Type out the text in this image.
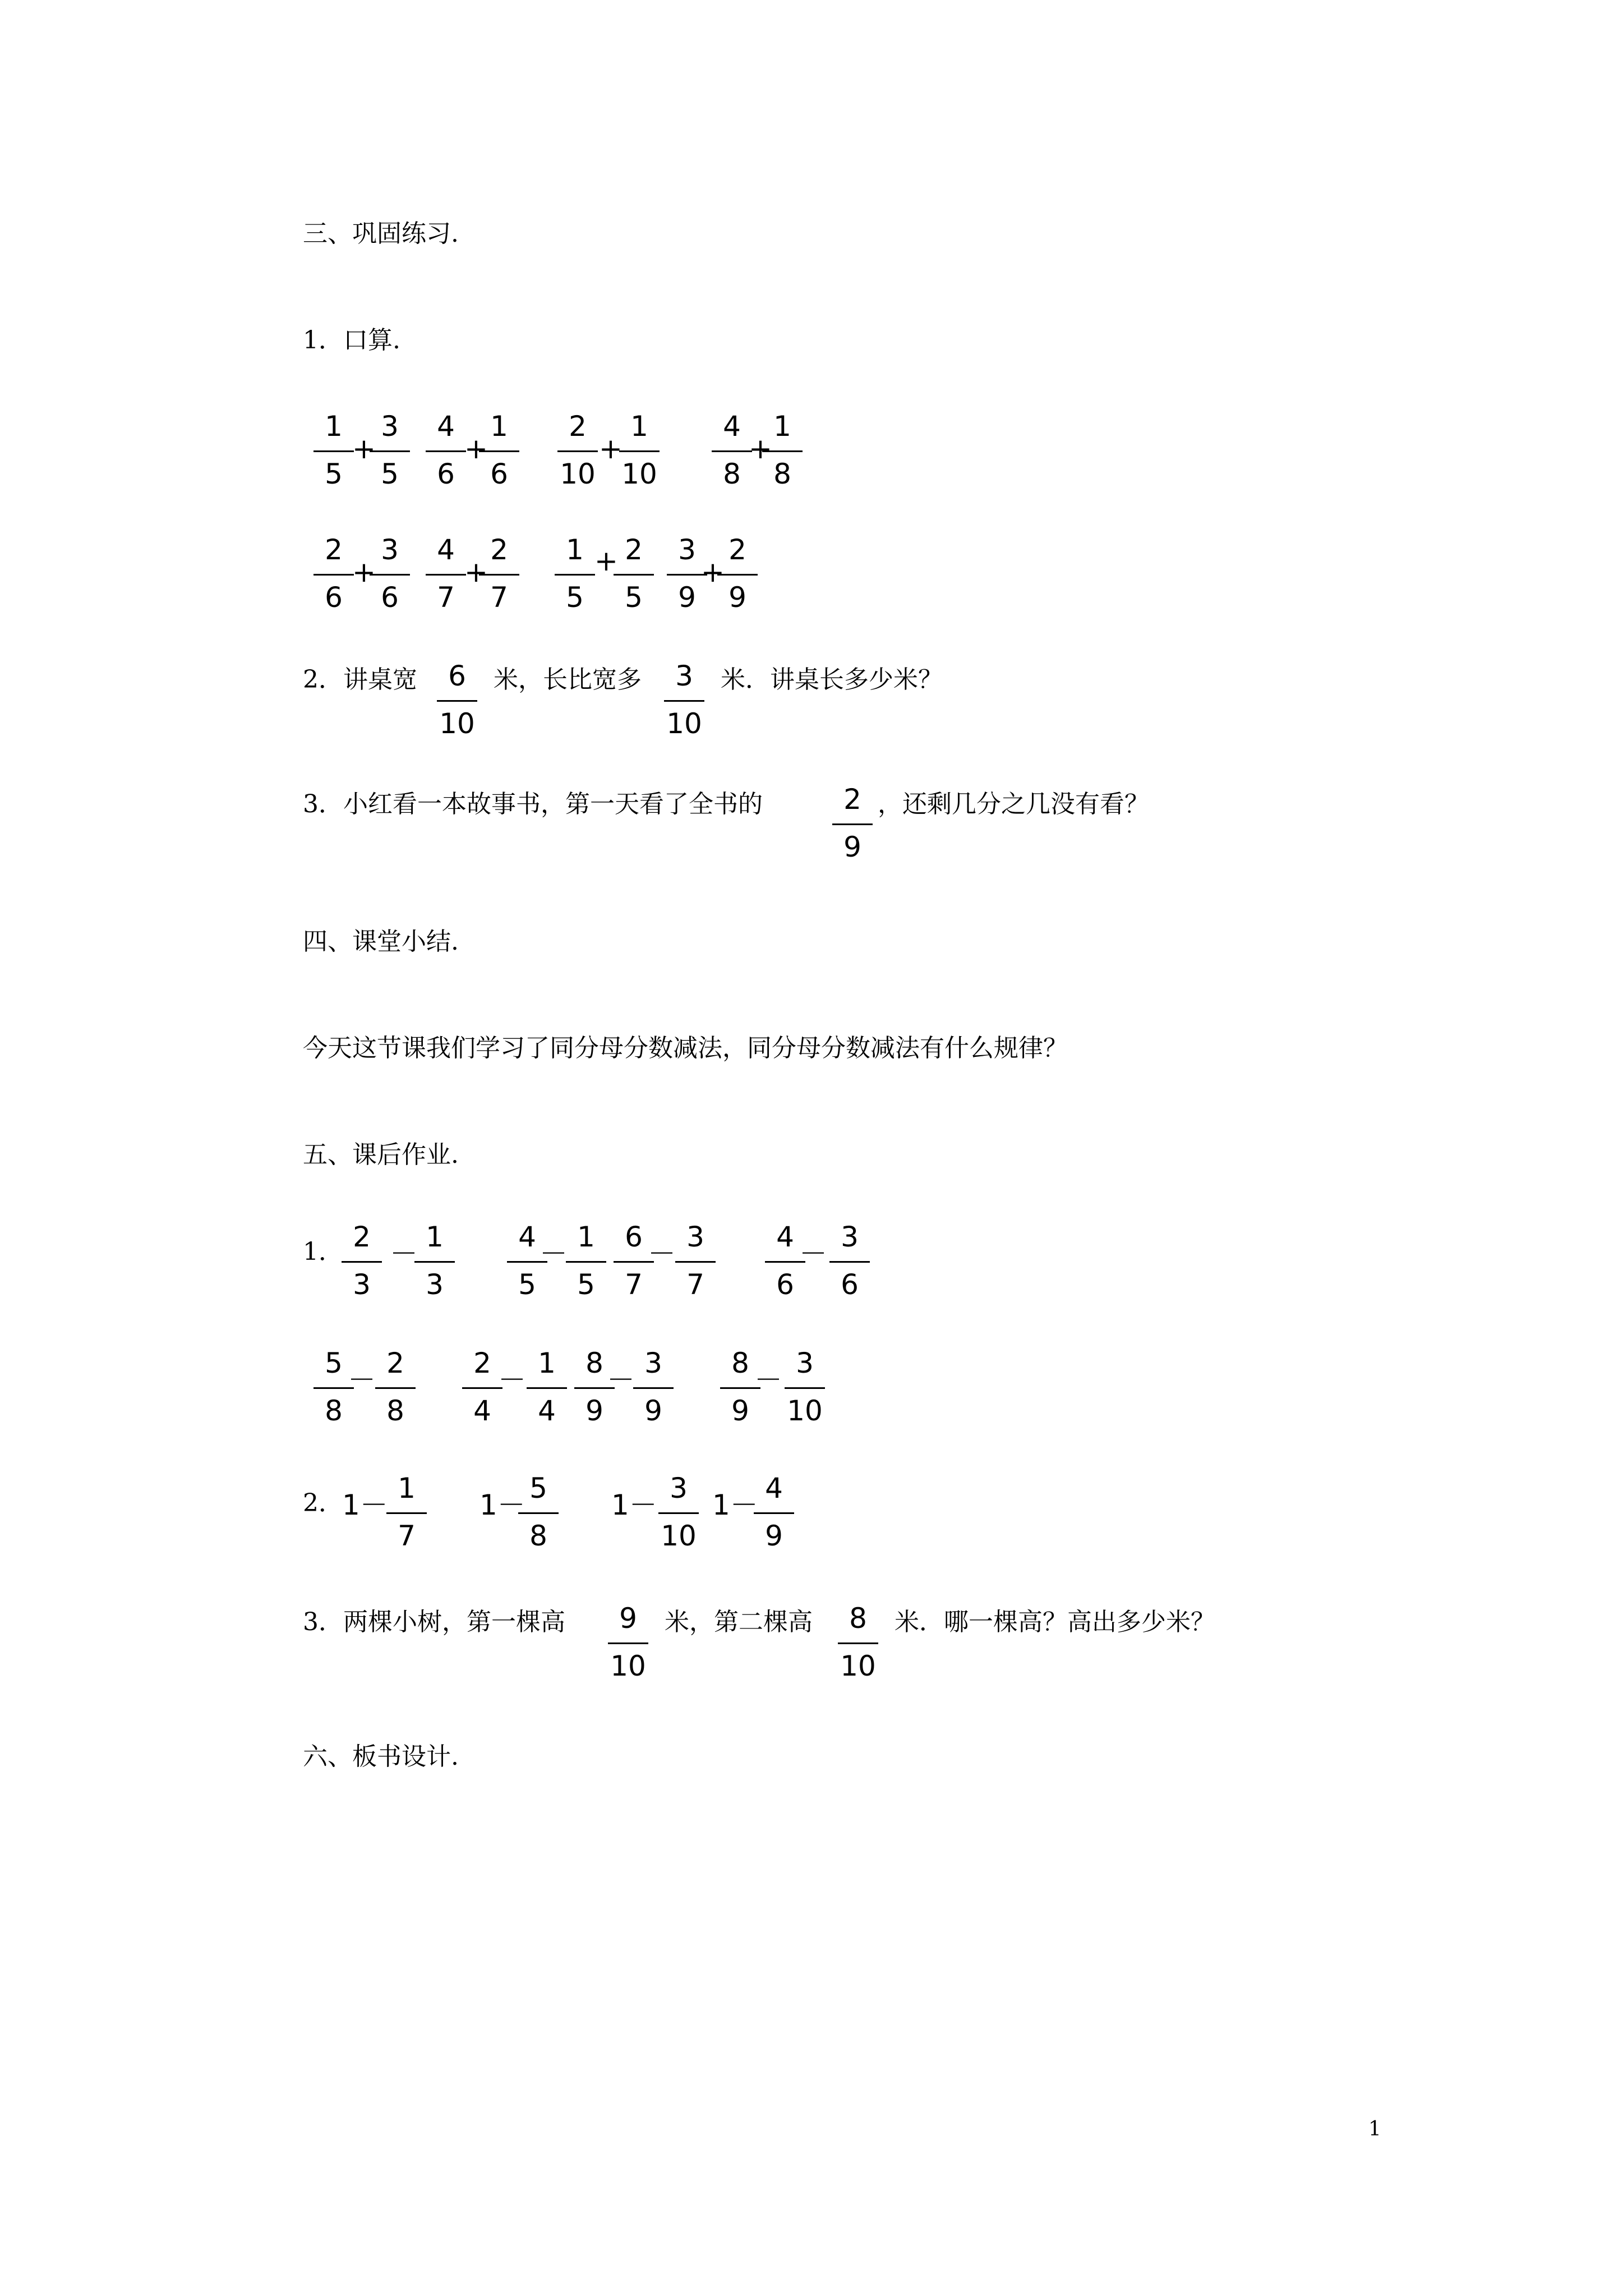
三、巩固练习.
1．口算.
1
5
+
3
5
4
6
+
1
6
2
10
+
1
10
4
8
+
1
8
2
6
+
3
6
4
7
+
2
7
1
5
+ 2
5
3
9
+
2
9
2．讲桌宽	6
10
米，长比宽多	3
10
米．讲桌长多少米？
3．小红看一本故事书，第一天看了全书的	2
9
，还剩几分之几没有看？
四、课堂小结.
今天这节课我们学习了同分母分数减法，同分母分数减法有什么规律？
五、课后作业.
1． 2
3
－
1
3
4
5
－
1
5
6
7
－
3
7
4
6
－
3
6
5
8
－
2
8
2
4
－
1
4
8
9
－
3
9
8
9
－
3
10
2．
1－
1
7
1－
5
8
1－
3
10
1－
4
9
3．两棵小树，第一棵高	9
10
米，第二棵高	8
10
米．哪一棵高？高出多少米？
六、板书设计.
1
